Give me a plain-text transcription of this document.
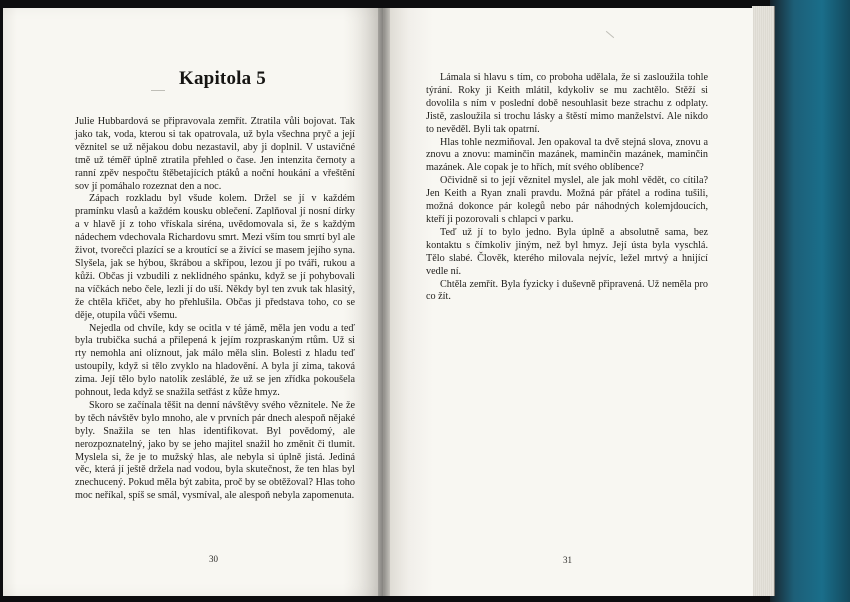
Kapitola 5

Julie Hubbardová se připravovala zemřít. Ztratila vůli bojovat. Tak jako tak, voda, kterou si tak opatrovala, už byla všechna pryč a její věznitel se už nějakou dobu nezastavil, aby ji doplnil. V ustavičné tmě už téměř úplně ztratila přehled o čase. Jen intenzita černoty a ranní zpěv nespočtu štěbetajících ptáků a noční houkání a vřeštění sov jí pomáhalo rozeznat den a noc.

Zápach rozkladu byl všude kolem. Držel se jí v každém pramínku vlasů a každém kousku oblečení. Zaplňoval jí nosní dírky a v hlavě jí z toho vřískala siréna, uvědomovala si, že s každým nádechem vdechovala Richardovu smrt. Mezi vším tou smrtí byl ale život, tvorečci plazící se a kroutící se a živící se masem jejího syna. Slyšela, jak se hýbou, škrábou a skřípou, lezou jí po tváři, rukou a kůži. Občas ji vzbudili z neklidného spánku, když se jí pohybovali na víčkách nebo čele, lezli jí do uší. Někdy byl ten zvuk tak hlasitý, že chtěla křičet, aby ho přehlušila. Občas ji představa toho, co se děje, otupila vůči všemu.

Nejedla od chvíle, kdy se ocitla v té jámě, měla jen vodu a teď byla trubička suchá a přilepená k jejím rozpraskaným rtům. Už si rty nemohla ani olíznout, jak málo měla slin. Bolesti z hladu teď ustoupily, když si tělo zvyklo na hladovění. A byla jí zima, taková zima. Její tělo bylo natolik zesláblé, že už se jen zřídka pokoušela pohnout, leda když se snažila setřást z kůže hmyz.

Skoro se začínala těšit na denní návštěvy svého věznitele. Ne že by těch návštěv bylo mnoho, ale v prvních pár dnech alespoň nějaké byly. Snažila se ten hlas identifikovat. Byl povědomý, ale nerozpoznatelný, jako by se jeho majitel snažil ho změnit či tlumit. Myslela si, že je to mužský hlas, ale nebyla si úplně jistá. Jediná věc, která jí ještě držela nad vodou, byla skutečnost, že ten hlas byl znechucený. Pokud měla být zabita, proč by se obtěžoval? Hlas toho moc neříkal, spíš se smál, vysmíval, ale alespoň nebyla zapomenuta.

30

Lámala si hlavu s tím, co proboha udělala, že si zasloužila tohle týrání. Roky ji Keith mlátil, kdykoliv se mu zachtělo. Stěží si dovolila s ním v poslední době nesouhlasit beze strachu z odplaty. Jistě, zasloužila si trochu lásky a štěstí mimo manželství. Ale nikdo to nevěděl. Byli tak opatrní.

Hlas tohle nezmiňoval. Jen opakoval ta dvě stejná slova, znovu a znovu a znovu: maminčin mazánek, maminčin mazánek, maminčin mazánek. Ale copak je to hřích, mít svého oblíbence?

Očividně si to její věznitel myslel, ale jak mohl vědět, co cítila? Jen Keith a Ryan znali pravdu. Možná pár přátel a rodina tušili, možná dokonce pár kolegů nebo pár náhodných kolemjdoucích, kteří ji pozorovali s chlapci v parku.

Teď už jí to bylo jedno. Byla úplně a absolutně sama, bez kontaktu s čímkoliv jiným, než byl hmyz. Její ústa byla vyschlá. Tělo slabé. Člověk, kterého milovala nejvíc, ležel mrtvý a hnijící vedle ní.

Chtěla zemřít. Byla fyzicky i duševně připravená. Už neměla pro co žít.

31
